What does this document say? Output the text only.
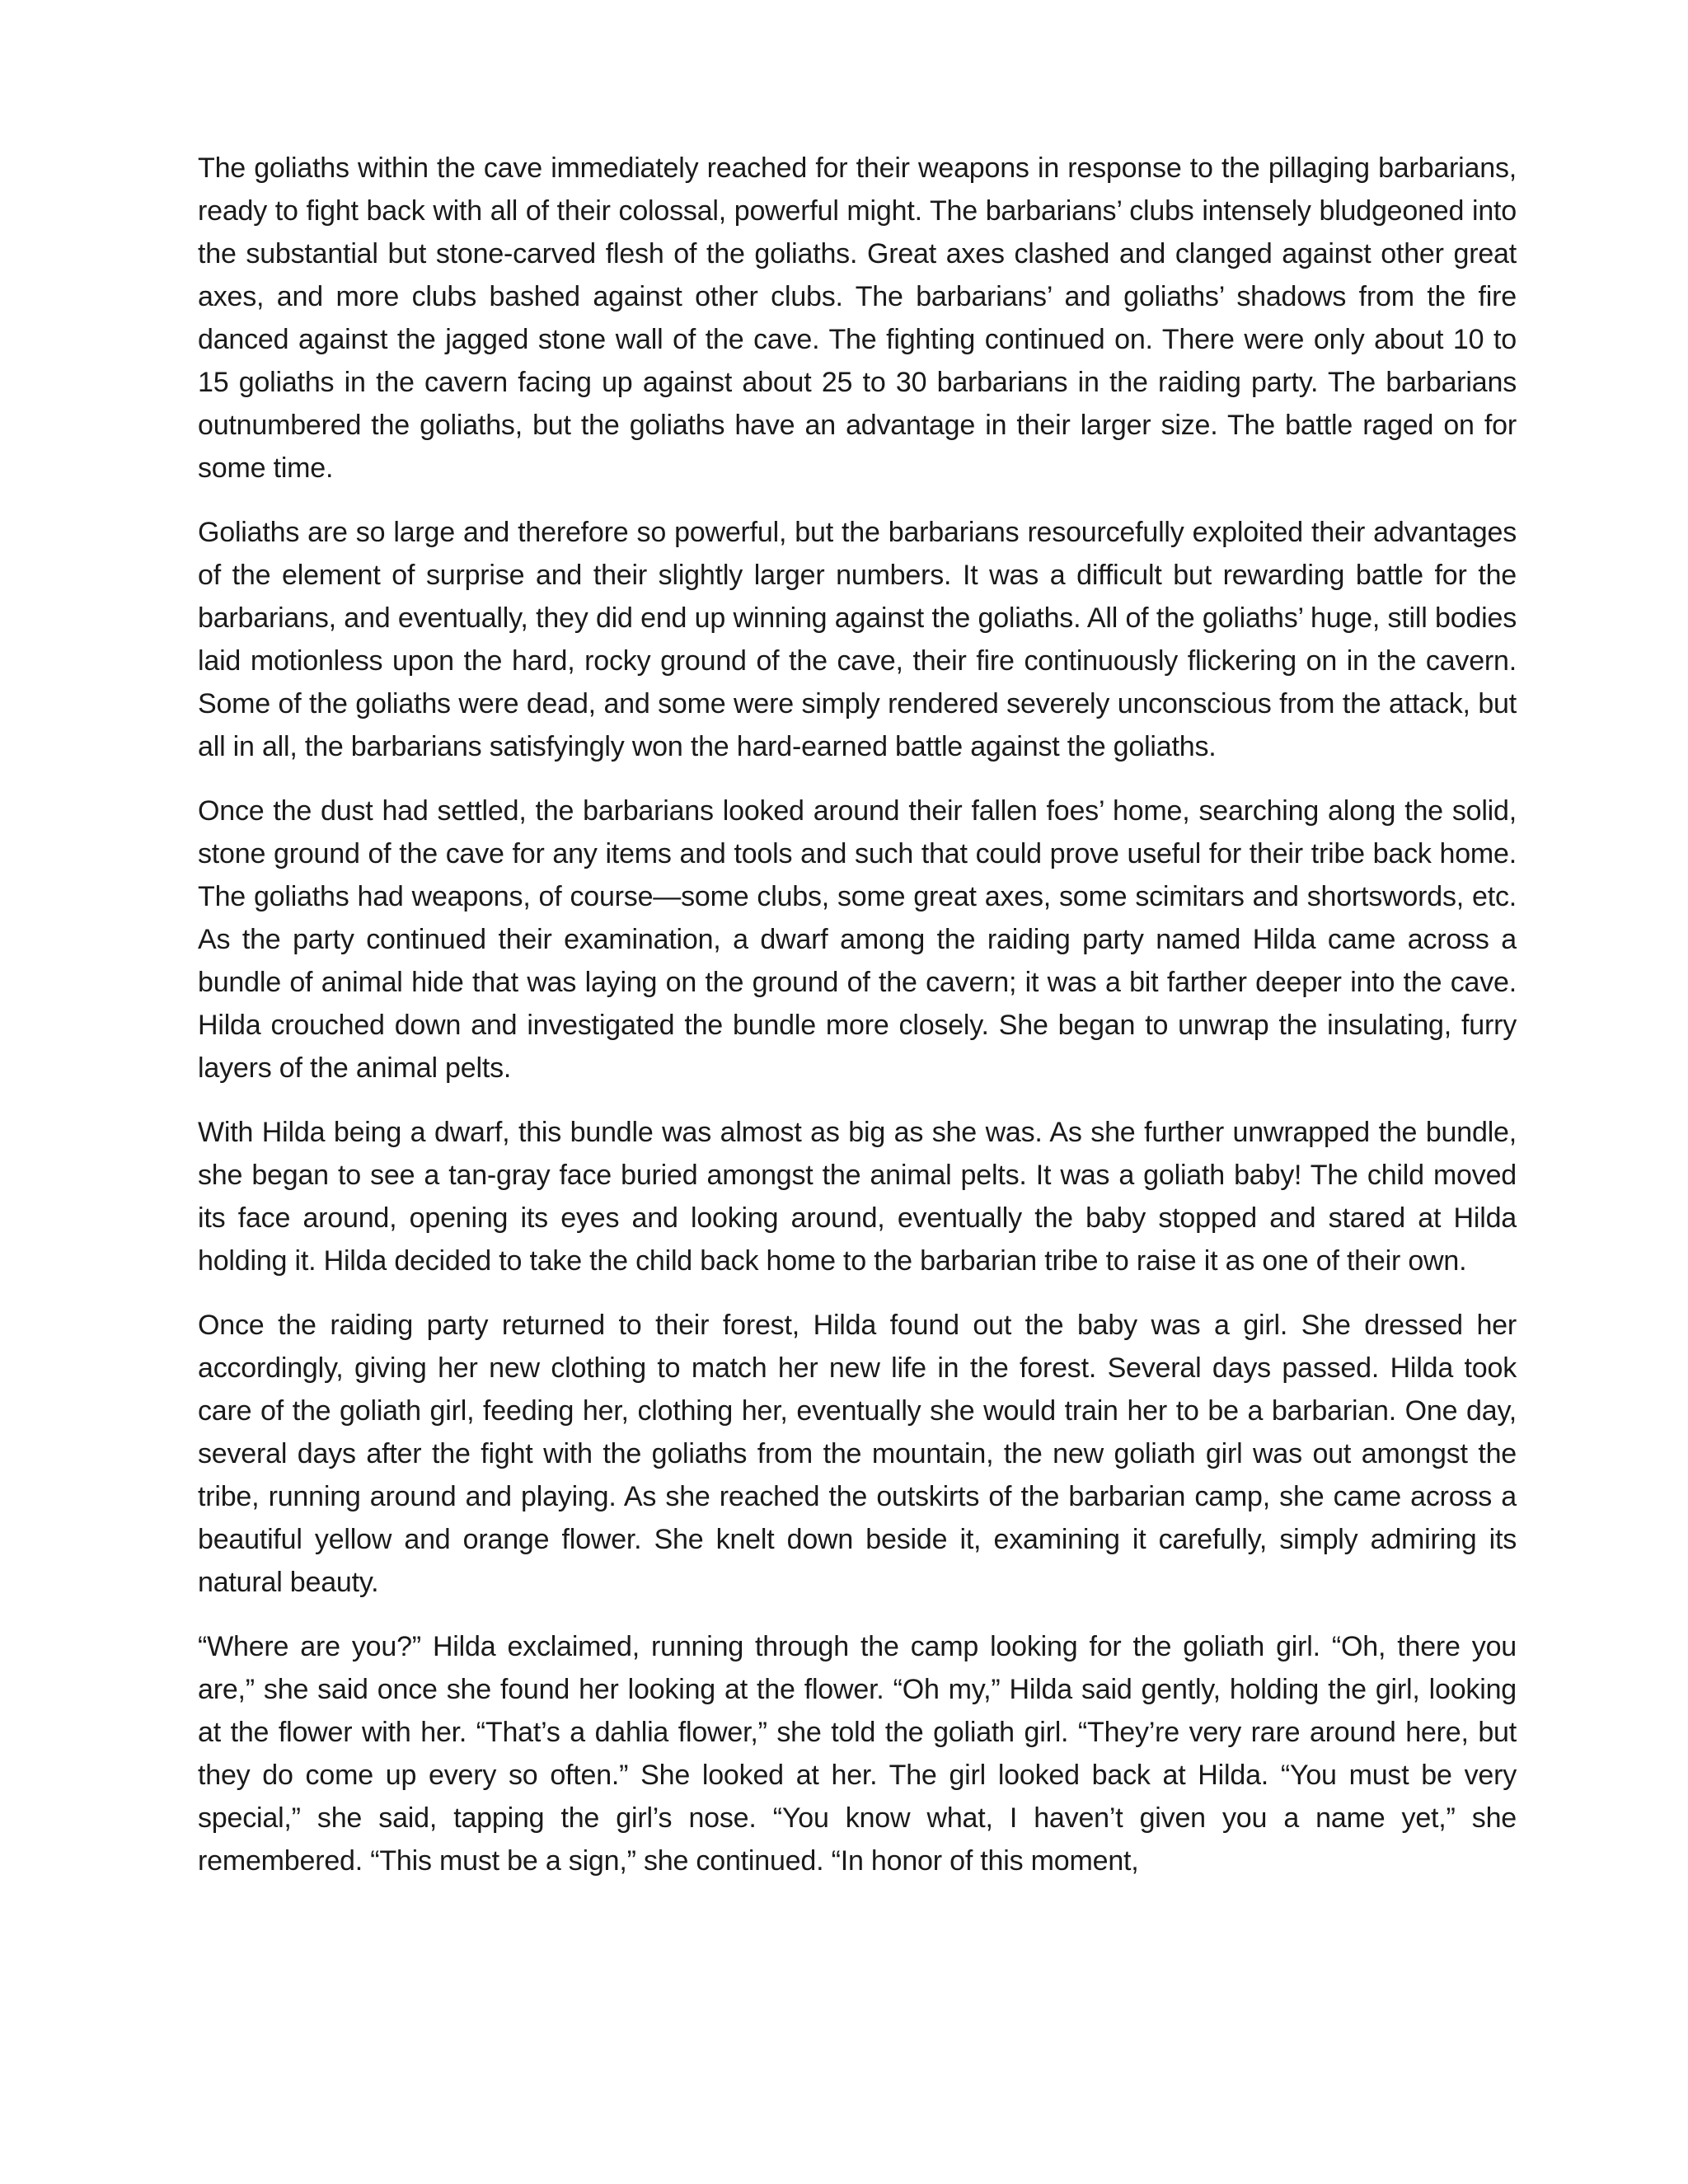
The goliaths within the cave immediately reached for their weapons in response to the pillaging barbarians, ready to fight back with all of their colossal, powerful might. The barbarians’ clubs intensely bludgeoned into the substantial but stone-carved flesh of the goliaths. Great axes clashed and clanged against other great axes, and more clubs bashed against other clubs. The barbarians’ and goliaths’ shadows from the fire danced against the jagged stone wall of the cave. The fighting continued on. There were only about 10 to 15 goliaths in the cavern facing up against about 25 to 30 barbarians in the raiding party. The barbarians outnumbered the goliaths, but the goliaths have an advantage in their larger size. The battle raged on for some time.

Goliaths are so large and therefore so powerful, but the barbarians resourcefully exploited their advantages of the element of surprise and their slightly larger numbers. It was a difficult but rewarding battle for the barbarians, and eventually, they did end up winning against the goliaths. All of the goliaths’ huge, still bodies laid motionless upon the hard, rocky ground of the cave, their fire continuously flickering on in the cavern. Some of the goliaths were dead, and some were simply rendered severely unconscious from the attack, but all in all, the barbarians satisfyingly won the hard-earned battle against the goliaths.

Once the dust had settled, the barbarians looked around their fallen foes’ home, searching along the solid, stone ground of the cave for any items and tools and such that could prove useful for their tribe back home. The goliaths had weapons, of course—some clubs, some great axes, some scimitars and shortswords, etc. As the party continued their examination, a dwarf among the raiding party named Hilda came across a bundle of animal hide that was laying on the ground of the cavern; it was a bit farther deeper into the cave. Hilda crouched down and investigated the bundle more closely. She began to unwrap the insulating, furry layers of the animal pelts.

With Hilda being a dwarf, this bundle was almost as big as she was. As she further unwrapped the bundle, she began to see a tan-gray face buried amongst the animal pelts. It was a goliath baby! The child moved its face around, opening its eyes and looking around, eventually the baby stopped and stared at Hilda holding it. Hilda decided to take the child back home to the barbarian tribe to raise it as one of their own.

Once the raiding party returned to their forest, Hilda found out the baby was a girl. She dressed her accordingly, giving her new clothing to match her new life in the forest. Several days passed. Hilda took care of the goliath girl, feeding her, clothing her, eventually she would train her to be a barbarian. One day, several days after the fight with the goliaths from the mountain, the new goliath girl was out amongst the tribe, running around and playing. As she reached the outskirts of the barbarian camp, she came across a beautiful yellow and orange flower. She knelt down beside it, examining it carefully, simply admiring its natural beauty.

“Where are you?” Hilda exclaimed, running through the camp looking for the goliath girl. “Oh, there you are,” she said once she found her looking at the flower. “Oh my,” Hilda said gently, holding the girl, looking at the flower with her. “That’s a dahlia flower,” she told the goliath girl. “They’re very rare around here, but they do come up every so often.” She looked at her. The girl looked back at Hilda. “You must be very special,” she said, tapping the girl’s nose. “You know what, I haven’t given you a name yet,” she remembered. “This must be a sign,” she continued. “In honor of this moment,
